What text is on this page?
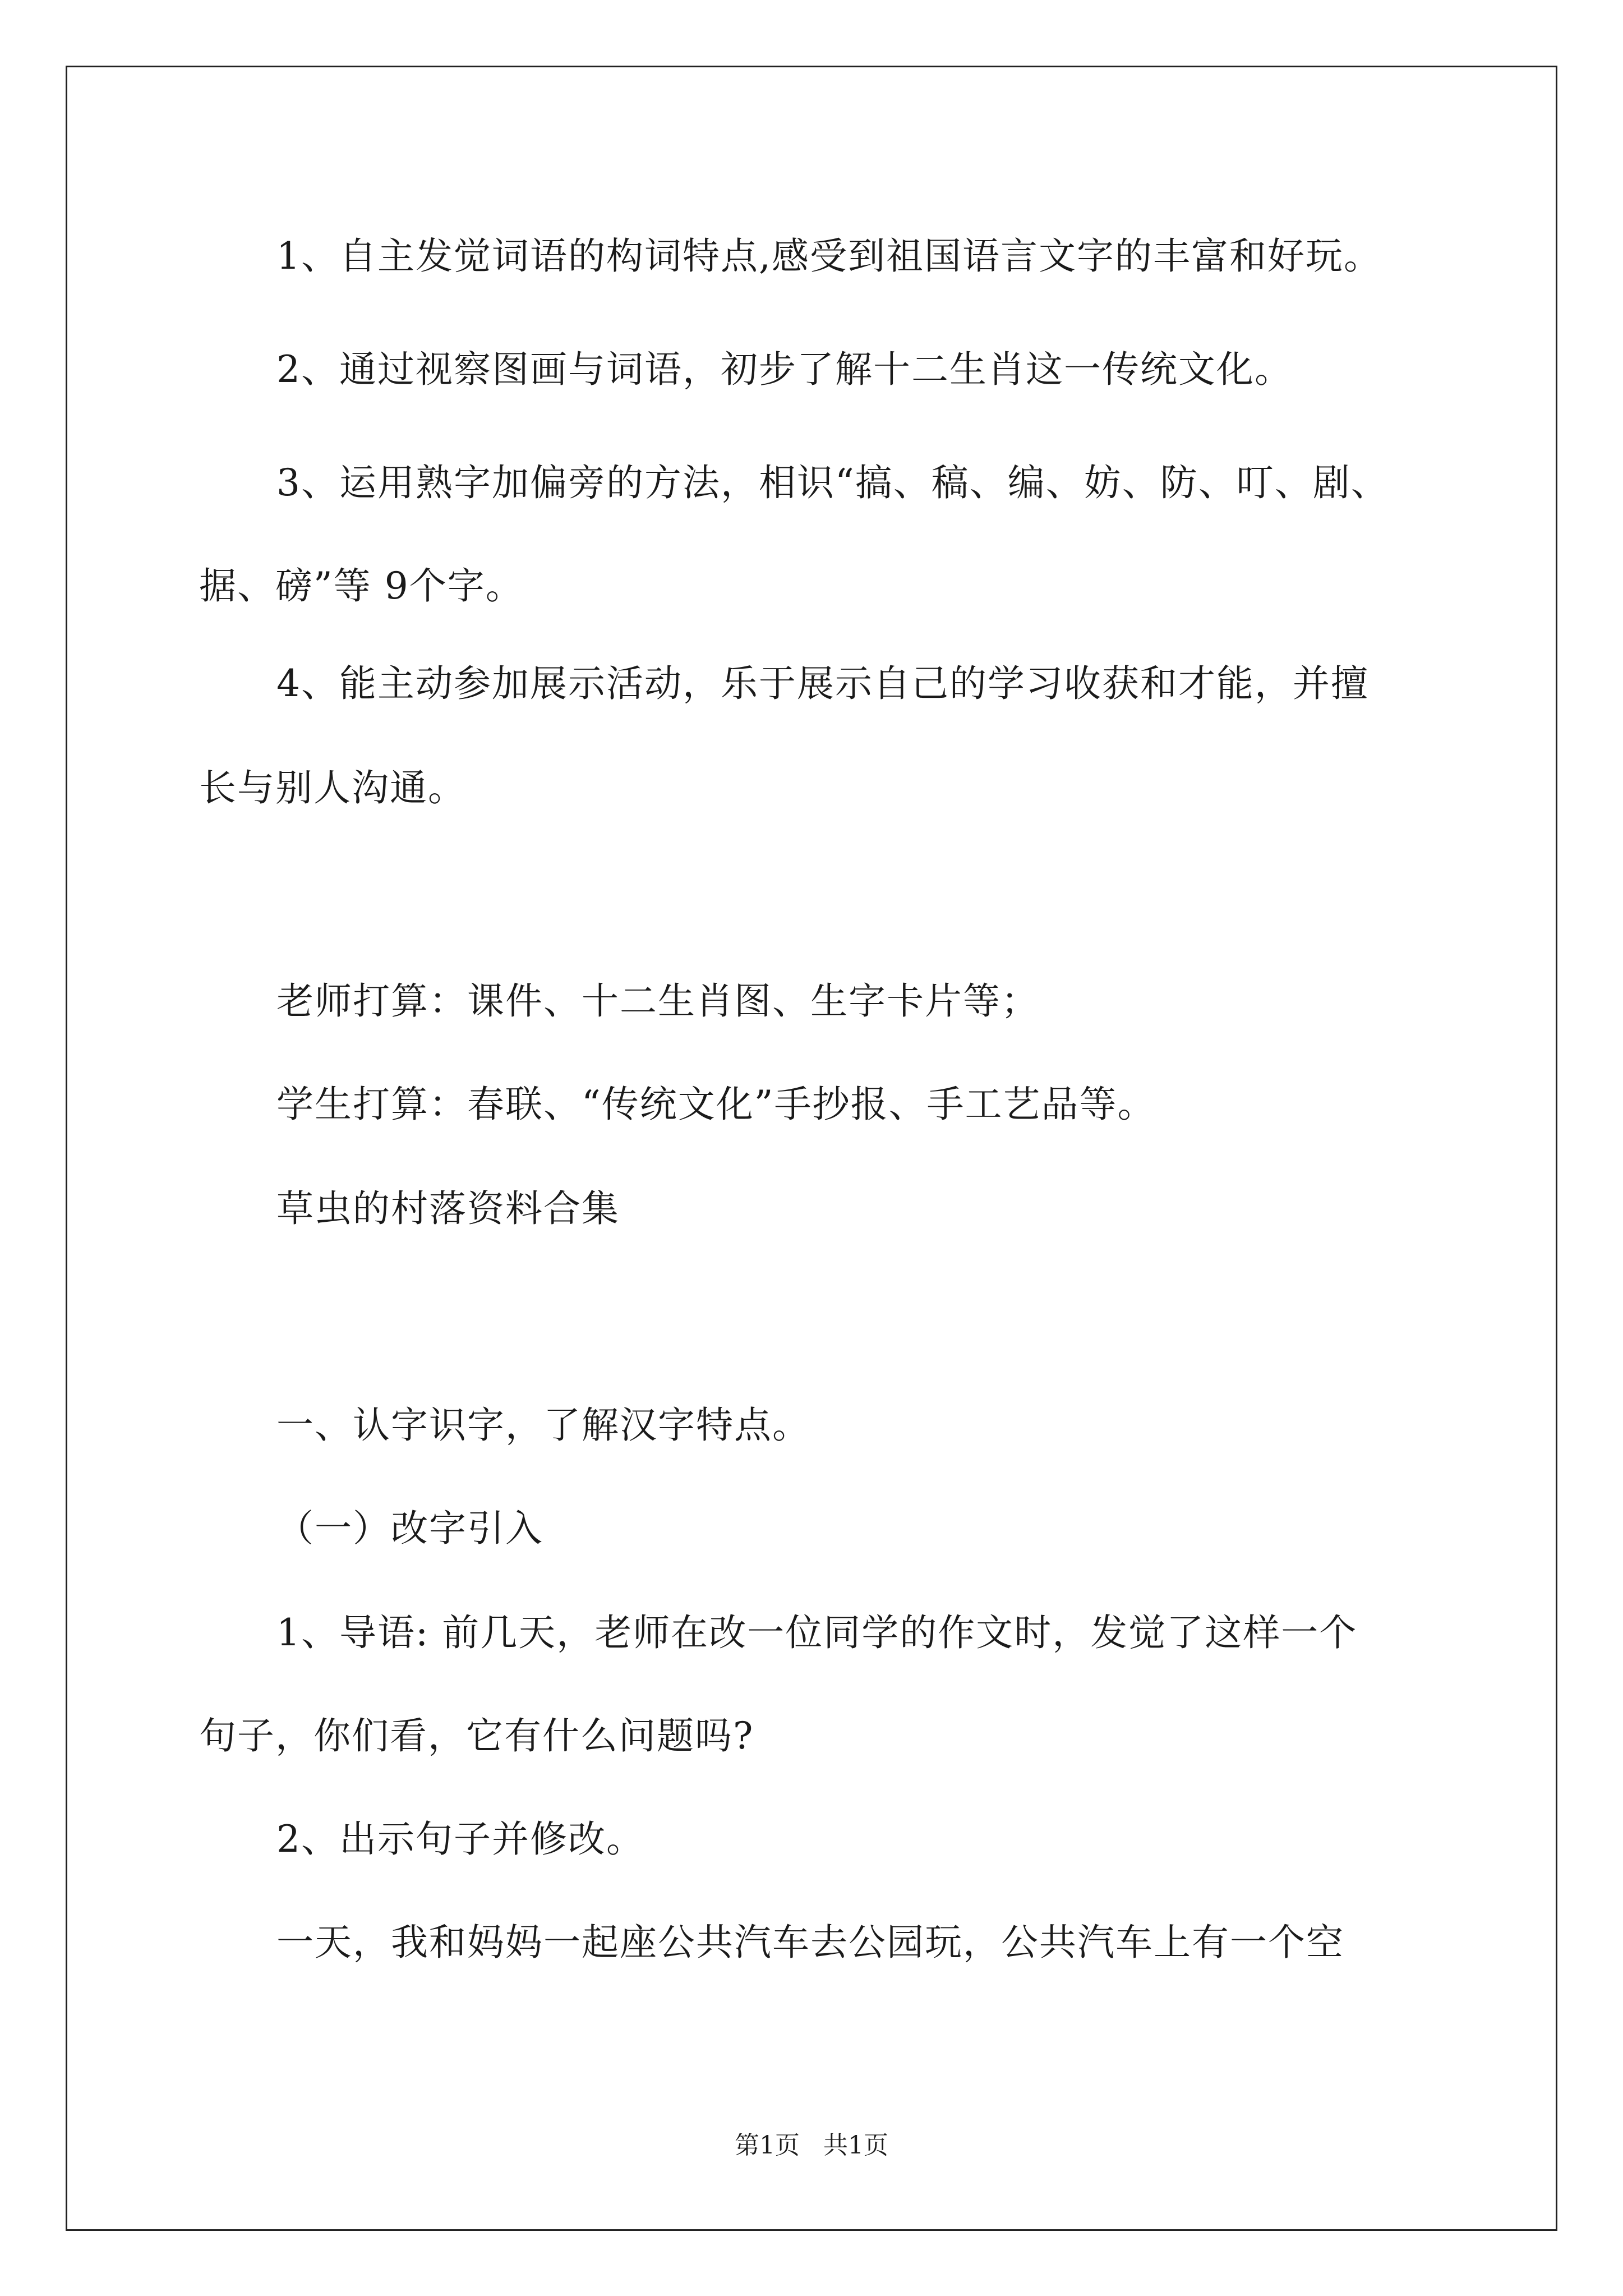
1、自主发觉词语的构词特点,感受到祖国语言文字的丰富和好玩。
2、通过视察图画与词语，初步了解十二生肖这一传统文化。
3、运用熟字加偏旁的方法，相识“搞、稿、编、妨、防、叮、剧、
据、磅”等 9个字。
4、能主动参加展示活动，乐于展示自己的学习收获和才能，并擅
长与别人沟通。
老师打算：课件、十二生肖图、生字卡片等；
学生打算：春联、“传统文化”手抄报、手工艺品等。
草虫的村落资料合集
一、认字识字，了解汉字特点。
（一）改字引入
1、导语: 前几天，老师在改一位同学的作文时，发觉了这样一个
句子，你们看，它有什么问题吗?
2、出示句子并修改。
一天，我和妈妈一起座公共汽车去公园玩，公共汽车上有一个空
第1页   共1页
